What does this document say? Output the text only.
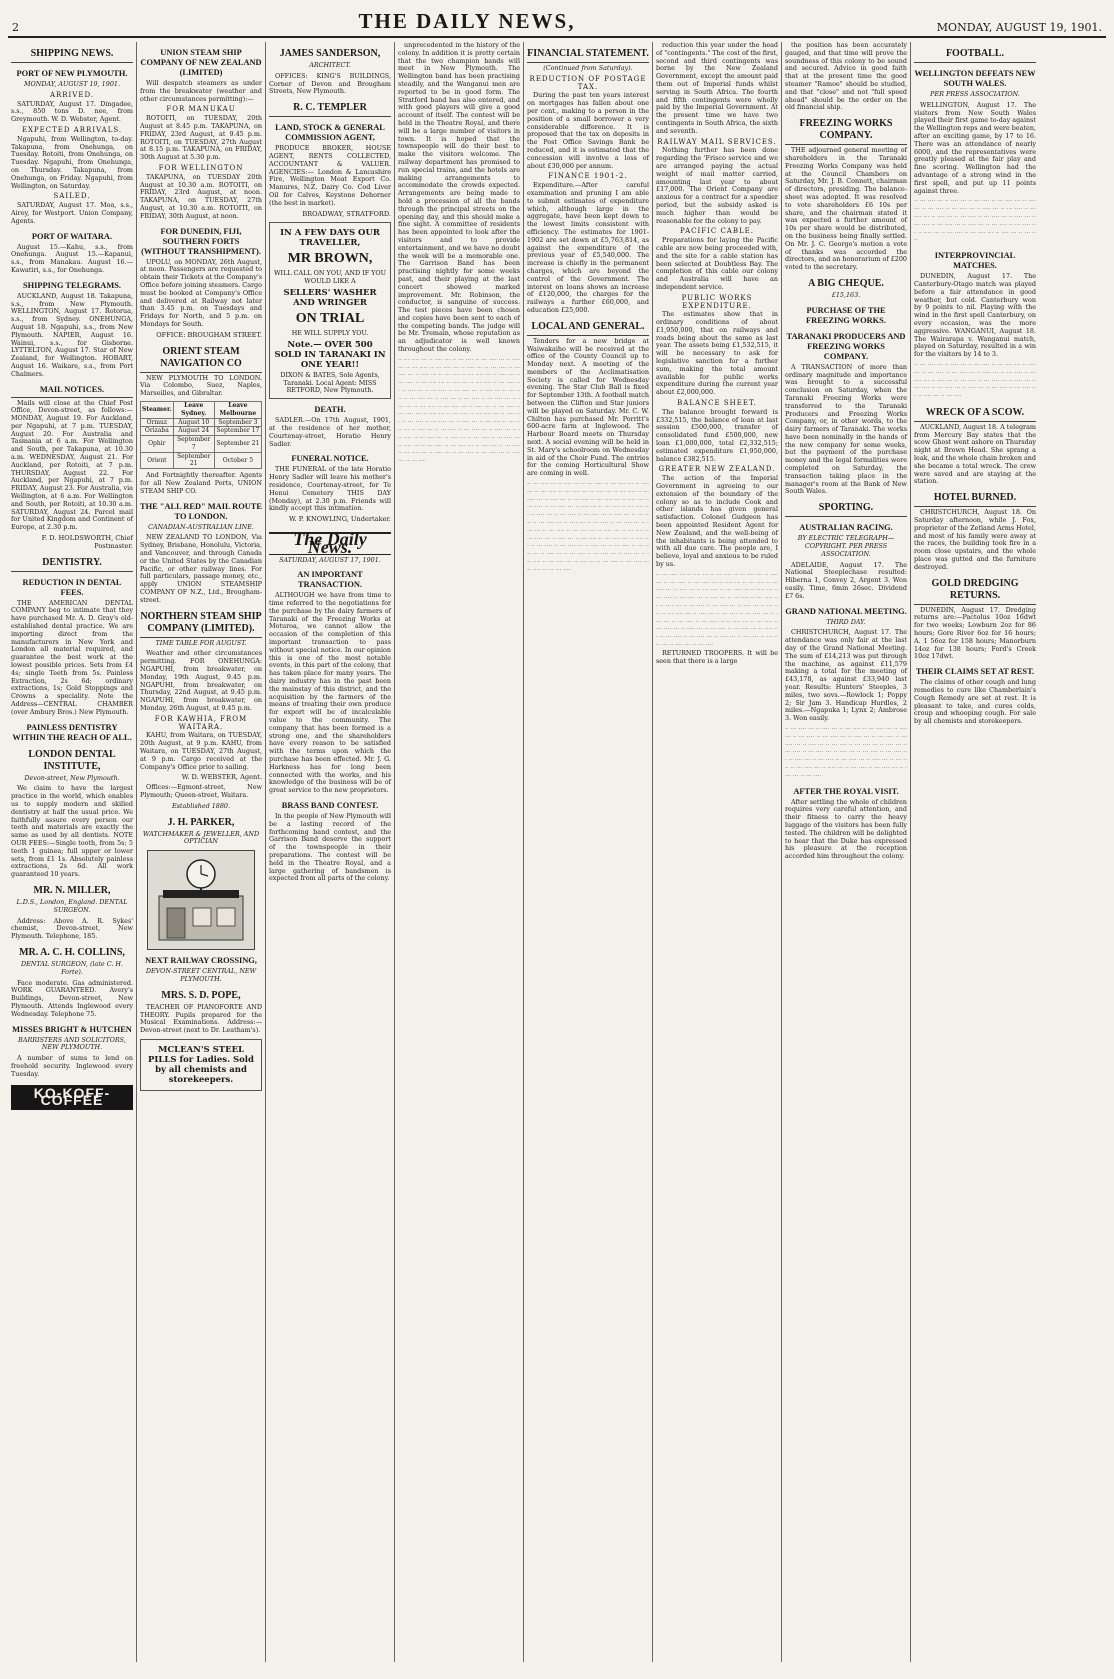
2	THE DAILY NEWS,	MONDAY, AUGUST 19, 1901.
SHIPPING NEWS.
PORT OF NEW PLYMOUTH.
MONDAY, AUGUST 19, 1901.
ARRIVED.

SATURDAY, August 17. Dingadee, s.s., 850 tons D. nee, from Greymouth. W. D. Webster, Agent.

EXPECTED ARRIVALS.

Ngapuhi, from Wellington, to-day. Takapuna, from Onehunga, on Tuesday. Rotoiti, from Onehunga, on Tuesday. Ngapuhi, from Onehunga, on Thursday. Takapuna, from Onehunga, on Friday. Ngapuhi, from Wellington, on Saturday.

SAILED.

SATURDAY, August 17. Moa, s.s., Airey, for Westport. Union Company, Agents.

PORT OF WAITARA.

August 15.—Kahu, s.s., from Onehunga. August 15.—Kapanui, s.s., from Manakau. August 16.—Kawatiri, s.s., for Onehunga.

SHIPPING TELEGRAMS.

AUCKLAND, August 18. Takapuna, s.s., from New Plymouth. WELLINGTON, August 17. Rotorua, s.s., from Sydney. ONEHUNGA, August 18. Ngapuhi, s.s., from New Plymouth. NAPIER, August 16. Wainui, s.s., for Gisborne. LYTTELTON, August 17. Star of New Zealand, for Wellington. HOBART, August 16. Waikare, s.s., from Port Chalmers.

MAIL NOTICES.

Mails will close at the Chief Post Office, Devon-street, as follows:— MONDAY, August 19. For Auckland, per Ngapuhi, at 7 p.m. TUESDAY, August 20. For Australia and Tasmania at 6 a.m. For Wellington and South, per Takapuna, at 10.30 a.m. WEDNESDAY, August 21. For Auckland, per Rotoiti, at 7 p.m. THURSDAY, August 22. For Auckland, per Ngapuhi, at 7 p.m. FRIDAY, August 23. For Australia, via Wellington, at 6 a.m. For Wellington and South, per Rotoiti, at 10.30 a.m. SATURDAY, August 24. Parcel mail for United Kingdom and Continent of Europe, at 2.30 p.m.

F. D. HOLDSWORTH, Chief Postmaster.
DENTISTRY.
REDUCTION IN DENTAL FEES.

THE AMERICAN DENTAL COMPANY beg to intimate that they have purchased Mr. A. D. Gray's old-established dental practice. We are importing direct from the manufacturers in New York and London all material required, and guarantee the best work at the lowest possible prices. Sets from £4 4s; single Teeth from 5s. Painless Extraction, 2s 6d; ordinary extractions, 1s; Gold Stoppings and Crowns a speciality. Note the Address—CENTRAL CHAMBER (over Ambury Bros.) New Plymouth.

PAINLESS DENTISTRY WITHIN THE REACH OF ALL.
LONDON DENTAL INSTITUTE,
Devon-street, New Plymouth.

We claim to have the largest practice in the world, which enables us to supply modern and skilled dentistry at half the usual price. We faithfully assure every person our teeth and materials are exactly the same as used by all dentists. NOTE OUR FEES:—Single tooth, from 5s; 5 teeth 1 guinea; full upper or lower sets, from £1 1s. Absolutely painless extractions, 2s 6d. All work guaranteed 10 years.

MR. N. MILLER,
L.D.S., London, England. DENTAL SURGEON.

Address: Above A. R. Sykes' chemist, Devon-street, New Plymouth. Telephone, 185.

MR. A. C. H. COLLINS,
DENTAL SURGEON, (late C. H. Forte).

Face moderate. Gas administered. WORK GUARANTEED. Avery's Buildings, Devon-street, New Plymouth. Attends Inglewood every Wednesday. Telephone 75.

MISSES BRIGHT & HUTCHEN
BARRISTERS AND SOLICITORS, NEW PLYMOUTH.

A number of sums to lend on freehold security. Inglewood every Tuesday.

KO-KOFF-COFFEE
UNION STEAM SHIP COMPANY OF NEW ZEALAND (LIMITED)

Will despatch steamers as under from the breakwater (weather and other circumstances permitting):—

FOR MANUKAU

ROTOITI, on TUESDAY, 20th August at 8.45 p.m. TAKAPUNA, on FRIDAY, 23rd August, at 9.45 p.m. ROTOITI, on TUESDAY, 27th August at 8.15 p.m. TAKAPUNA, on FRIDAY, 30th August at 5.30 p.m.

FOR WELLINGTON

TAKAPUNA, on TUESDAY 20th August at 10.30 a.m. ROTOITI, on FRIDAY, 23rd August, at noon. TAKAPUNA, on TUESDAY, 27th August, at 10.30 a.m. ROTOITI, on FRIDAY, 30th August, at noon.

FOR DUNEDIN, FIJI, SOUTHERN FORTS (WITHOUT TRANSHIPMENT).

UPOLU, on MONDAY, 26th August, at noon. Passengers are requested to obtain their Tickets at the Company's Office before joining steamers. Cargo must be booked at Company's Office and delivered at Railway not later than 3.45 p.m. on Tuesdays and Fridays for North, and 5 p.m. on Mondays for South.

OFFICE: BROUGHAM STREET.
ORIENT STEAM NAVIGATION CO

NEW PLYMOUTH TO LONDON. Via Colombo, Suez, Naples, Marseilles, and Gibraltar.

Steamer.	Leave Sydney.	Leave Melbourne
Ormuz	August 10	September 3
Orizaba	August 24	September 17
Ophir	September 7	September 21
Orient	September 21	October 5

And Fortnightly thereafter. Agents for all New Zealand Ports, UNION STEAM SHIP CO.

THE "ALL RED" MAIL ROUTE TO LONDON.
CANADIAN-AUSTRALIAN LINE.

NEW ZEALAND TO LONDON, Via Sydney, Brisbane, Honolulu, Victoria, and Vancouver, and through Canada or the United States by the Canadian Pacific, or other railway lines. For full particulars, passage money, etc., apply UNION STEAMSHIP COMPANY OF N.Z., Ltd., Brougham-street.

NORTHERN STEAM SHIP COMPANY (LIMITED).
TIME TABLE FOR AUGUST.

Weather and other circumstances permitting. FOR ONEHUNGA: NGAPUHI, from breakwater, on Monday, 19th August, 9.45 p.m. NGAPUHI, from breakwater, on Thursday, 22nd August, at 9.45 p.m. NGAPUHI, from breakwater, on Monday, 26th August, at 9.45 p.m.

FOR KAWHIA, FROM WAITARA.

KAHU, from Waitara, on TUESDAY, 20th August, at 9 p.m. KAHU, from Waitara, on TUESDAY, 27th August, at 9 p.m. Cargo received at the Company's Office prior to sailing.

W. D. WEBSTER, Agent.

Offices:—Egmont-street, New Plymouth; Queen-street, Waitara.

Established 1880.
J. H. PARKER,
WATCHMAKER & JEWELLER, AND OPTICIAN
NEXT RAILWAY CROSSING,
DEVON-STREET CENTRAL, NEW PLYMOUTH.
MRS. S. D. POPE,

TEACHER OF PIANOFORTE AND THEORY. Pupils prepared for the Musical Examinations. Address:— Devon-street (next to Dr. Leatham's).

MCLEAN'S STEEL PILLS for Ladies. Sold by all chemists and storekeepers.
JAMES SANDERSON,
ARCHITECT.

OFFICES: KING'S BUILDINGS, Corner of Devon and Brougham Streets, New Plymouth.

R. C. TEMPLER
LAND, STOCK & GENERAL COMMISSION AGENT,

PRODUCE BROKER, HOUSE AGENT, RENTS COLLECTED, ACCOUNTANT & VALUER. AGENCIES:— London & Lancashire Fire, Wellington Meat Export Co. Manures, N.Z. Dairy Co. Cod Liver Oil for Calves, Keystone Dehorner (the best in market).

BROADWAY, STRATFORD.
IN A FEW DAYS OUR TRAVELLER,
MR BROWN,
WILL CALL ON YOU, AND IF YOU WOULD LIKE A
SELLERS' WASHER AND WRINGER
ON TRIAL
HE WILL SUPPLY YOU.
Note.— OVER 500 SOLD IN TARANAKI IN ONE YEAR!!
DIXON & BATES, Sole Agents, Taranaki. Local Agent: MISS RETFORD, New Plymouth.
DEATH.

SADLER.—On 17th August, 1901, at the residence of her mother, Courtenay-street, Horatio Henry Sadler.

FUNERAL NOTICE.

THE FUNERAL of the late Horatio Henry Sadler will leave his mother's residence, Courtenay-street, for Te Henui Cemetery THIS DAY (Monday), at 2.30 p.m. Friends will kindly accept this intimation.

W. P. KNOWLING, Undertaker.
The Daily News.
SATURDAY, AUGUST 17, 1901.
AN IMPORTANT TRANSACTION.

ALTHOUGH we have from time to time referred to the negotiations for the purchase by the dairy farmers of Taranaki of the Freezing Works at Moturoa, we cannot allow the occasion of the completion of this important transaction to pass without special notice. In our opinion this is one of the most notable events, in this part of the colony, that has taken place for many years. The dairy industry has in the past been the mainstay of this district, and the acquisition by the farmers of the means of treating their own produce for export will be of incalculable value to the community. The company that has been formed is a strong one, and the shareholders have every reason to be satisfied with the terms upon which the purchase has been effected. Mr. J. G. Harkness has for long been connected with the works, and his knowledge of the business will be of great service to the new proprietors.

BRASS BAND CONTEST.

In the people of New Plymouth will be a lasting record of the forthcoming band contest, and the Garrison Band deserve the support of the townspeople in their preparations. The contest will be held in the Theatre Royal, and a large gathering of bandsmen is expected from all parts of the colony.

unprecedented in the history of the colony. In addition it is pretty certain that the two champion bands will meet in New Plymouth. The Wellington band has been practising steadily, and the Wanganui men are reported to be in good form. The Stratford band has also entered, and with good players will give a good account of itself. The contest will be held in the Theatre Royal, and there will be a large number of visitors in town. It is hoped that the townspeople will do their best to make the visitors welcome. The railway department has promised to run special trains, and the hotels are making arrangements to accommodate the crowds expected. Arrangements are being made to hold a procession of all the bands through the principal streets on the opening day, and this should make a fine sight. A committee of residents has been appointed to look after the visitors and to provide entertainment, and we have no doubt the week will be a memorable one. The Garrison Band has been practising nightly for some weeks past, and their playing at the last concert showed marked improvement. Mr. Robinson, the conductor, is sanguine of success. The test pieces have been chosen and copies have been sent to each of the competing bands. The judge will be Mr. Tremain, whose reputation as an adjudicator is well known throughout the colony.

·· ··· ···· ··· ·· ···· ··· ·· ··· ···· ·· ··· ···· ··· ·· ···· ··· ·· ··· ···· ·· ··· ···· ··· ·· ···· ··· ·· ··· ···· ·· ··· ···· ··· ·· ···· ··· ·· ··· ···· ·· ··· ···· ··· ·· ···· ··· ·· ··· ···· ·· ··· ···· ··· ·· ···· ··· ·· ··· ···· ·· ··· ···· ··· ·· ···· ··· ·· ··· ···· ·· ··· ···· ··· ·· ···· ··· ·· ··· ···· ·· ··· ···· ··· ·· ···· ··· ·· ··· ···· ·· ··· ···· ··· ·· ···· ··· ·· ··· ···· ·· ··· ···· ··· ·· ···· ··· ·· ··· ···· ·· ··· ···· ··· ·· ···· ··· ·· ··· ···· ·· ··· ···· ··· ·· ···· ··· ·· ··· ···· ·· ··· ···· ··· ·· ···· ··· ·· ··· ···· ·· ··· ···· ··· ·· ···· ··· ·· ··· ···· ·· ··· ···· ··· ·· ···· ··· ·· ··· ···· ·· ··· ···· ··· ·· ···· ··· ·· ··· ···· ·· ··· ···· ··· ·· ···· ··· ·· ··· ···· ·· ··· ···· ··· ·· ···· ··· ·· ··· ···· ·· ··· ···· ··· ·· ···· ··· ·· ··· ···· ·· ··· ···· ··· ·· ···· ··· ·· ··· ····
FINANCIAL STATEMENT.
(Continued from Saturday).
REDUCTION OF POSTAGE TAX.

During the past ten years interest on mortgages has fallen about one per cent., making to a person in the position of a small borrower a very considerable difference. It is proposed that the tax on deposits in the Post Office Savings Bank be reduced, and it is estimated that the concession will involve a loss of about £30,000 per annum.

FINANCE 1901-2.

Expenditure.—After careful examination and pruning I am able to submit estimates of expenditure which, although large in the aggregate, have been kept down to the lowest limits consistent with efficiency. The estimates for 1901-1902 are set down at £5,763,814, as against the expenditure of the previous year of £5,540,000. The increase is chiefly in the permanent charges, which are beyond the control of the Government. The interest on loans shows an increase of £120,000, the charges for the railways a further £60,000, and education £25,000.

LOCAL AND GENERAL.

Tenders for a new bridge at Waiwakaiho will be received at the office of the County Council up to Monday next. A meeting of the members of the Acclimatisation Society is called for Wednesday evening. The Star Club Ball is fixed for September 13th. A football match between the Clifton and Star juniors will be played on Saturday. Mr. C. W. Chilton has purchased Mr. Porritt's 600-acre farm at Inglewood. The Harbour Board meets on Thursday next. A social evening will be held in St. Mary's schoolroom on Wednesday in aid of the Choir Fund. The entries for the coming Horticultural Show are coming in well.

·· ··· ···· ··· ·· ···· ··· ·· ··· ···· ·· ··· ···· ··· ·· ···· ··· ·· ··· ···· ·· ··· ···· ··· ·· ···· ··· ·· ··· ···· ·· ··· ···· ··· ·· ···· ··· ·· ··· ···· ·· ··· ···· ··· ·· ···· ··· ·· ··· ···· ·· ··· ···· ··· ·· ···· ··· ·· ··· ···· ·· ··· ···· ··· ·· ···· ··· ·· ··· ···· ·· ··· ···· ··· ·· ···· ··· ·· ··· ···· ·· ··· ···· ··· ·· ···· ··· ·· ··· ···· ·· ··· ···· ··· ·· ···· ··· ·· ··· ···· ·· ··· ···· ··· ·· ···· ··· ·· ··· ···· ·· ··· ···· ··· ·· ···· ··· ·· ··· ···· ·· ··· ···· ··· ·· ···· ··· ·· ··· ···· ·· ··· ···· ··· ·· ···· ··· ·· ··· ···· ·· ··· ···· ··· ·· ···· ··· ·· ··· ···· ·· ··· ···· ··· ·· ···· ··· ·· ··· ···· ·· ··· ···· ··· ·· ···· ··· ·· ··· ···· ·· ··· ···· ··· ·· ···· ··· ·· ··· ····

reduction this year under the head of "contingents." The cost of the first, second and third contingents was borne by the New Zealand Government, except the amount paid them out of Imperial funds whilst serving in South Africa. The fourth and fifth contingents were wholly paid by the Imperial Government. At the present time we have two contingents in South Africa, the sixth and seventh.

RAILWAY MAIL SERVICES.

Nothing further has been done regarding the 'Frisco service and we are arranged paying the actual weight of mail matter carried, amounting last year to about £17,000. The Orient Company are anxious for a contract for a speedier period, but the subsidy asked is much higher than would be reasonable for the colony to pay.

PACIFIC CABLE.

Preparations for laying the Pacific cable are now being proceeded with, and the site for a cable station has been selected at Doubtless Bay. The completion of this cable our colony and Australia will have an independent service.

PUBLIC WORKS EXPENDITURE.

The estimates show that in ordinary conditions of about £1,950,000, that on railways and roads being about the same as last year. The assets being £1,532,515, it will be necessary to ask for legislative sanction for a further sum, making the total amount available for public works expenditure during the current year about £2,000,000.

BALANCE SHEET.

The balance brought forward is £332,515, the balance of loan at last session £500,000, transfer of consolidated fund £500,000, new loan £1,000,000, total £2,332,515; estimated expenditure £1,950,000, balance £382,515.

GREATER NEW ZEALAND.

The action of the Imperial Government in agreeing to our extension of the boundary of the colony so as to include Cook and other islands has given general satisfaction. Colonel Gudgeon has been appointed Resident Agent for New Zealand, and the well-being of the inhabitants is being attended to with all due care. The people are, I believe, loyal and anxious to be ruled by us.

·· ··· ···· ··· ·· ···· ··· ·· ··· ···· ·· ··· ···· ··· ·· ···· ··· ·· ··· ···· ·· ··· ···· ··· ·· ···· ··· ·· ··· ···· ·· ··· ···· ··· ·· ···· ··· ·· ··· ···· ·· ··· ···· ··· ·· ···· ··· ·· ··· ···· ·· ··· ···· ··· ·· ···· ··· ·· ··· ···· ·· ··· ···· ··· ·· ···· ··· ·· ··· ···· ·· ··· ···· ··· ·· ···· ··· ·· ··· ···· ·· ··· ···· ··· ·· ···· ··· ·· ··· ···· ·· ··· ···· ··· ·· ···· ··· ·· ··· ···· ·· ··· ···· ··· ·· ···· ··· ·· ··· ···· ·· ··· ···· ··· ·· ···· ··· ·· ··· ···· ·· ··· ···· ··· ·· ···· ··· ·· ··· ···· ·· ··· ···· ··· ·· ···· ··· ·· ··· ···· ·· ··· ···· ··· ·· ···· ··· ·· ··· ····

RETURNED TROOPERS. It will be seen that there is a large

the position has been accurately gauged, and that time will prove the soundness of this colony to be sound and secured. Advice in good faith that at the present time the good steamer "Ramoe" should be studied, and that "close" and not "full speed ahead" should be the order on the old financial ship.

FREEZING WORKS COMPANY.

THE adjourned general meeting of shareholders in the Taranaki Freezing Works Company was held at the Council Chambers on Saturday, Mr. J. B. Connett, chairman of directors, presiding. The balance-sheet was adopted. It was resolved to vote shareholders £6 10s per share, and the chairman stated it was expected a further amount of 10s per share would be distributed, on the business being finally settled. On Mr. J. C. George's motion a vote of thanks was accorded the directors, and an honorarium of £200 voted to the secretary.

A BIG CHEQUE.
£15,163.
PURCHASE OF THE FREEZING WORKS.
TARANAKI PRODUCERS AND FREEZING WORKS COMPANY.

A TRANSACTION of more than ordinary magnitude and importance was brought to a successful conclusion on Saturday, when the Taranaki Freezing Works were transferred to the Taranaki Producers and Freezing Works Company, or, in other words, to the dairy farmers of Taranaki. The works have been nominally in the hands of the new company for some weeks, but the payment of the purchase money and the legal formalities were completed on Saturday, the transaction taking place in the manager's room at the Bank of New South Wales.

SPORTING.
AUSTRALIAN RACING.
BY ELECTRIC TELEGRAPH—COPYRIGHT. PER PRESS ASSOCIATION.

ADELAIDE, August 17. The National Steeplechase resulted: Hiberna 1, Convey 2, Argent 3. Won easily. Time, 6min 26sec. Dividend £7 6s.

GRAND NATIONAL MEETING.
THIRD DAY.

CHRISTCHURCH, August 17. The attendance was only fair at the last day of the Grand National Meeting. The sum of £14,213 was put through the machine, as against £11,579 making a total for the meeting of £43,178, as against £33,940 last year. Results: Hunters' Steeples, 3 miles, two sovs.—Rowlock 1; Poppy 2; Sir Jam 3. Handicap Hurdles, 2 miles.—Ngapuka 1; Lynx 2; Ambrose 3. Won easily.

·· ··· ···· ··· ·· ···· ··· ·· ··· ···· ·· ··· ···· ··· ·· ···· ··· ·· ··· ···· ·· ··· ···· ··· ·· ···· ··· ·· ··· ···· ·· ··· ···· ··· ·· ···· ··· ·· ··· ···· ·· ··· ···· ··· ·· ···· ··· ·· ··· ···· ·· ··· ···· ··· ·· ···· ··· ·· ··· ···· ·· ··· ···· ··· ·· ···· ··· ·· ··· ···· ·· ··· ···· ··· ·· ···· ··· ·· ··· ···· ·· ··· ···· ··· ·· ···· ··· ·· ··· ···· ·· ··· ···· ··· ·· ···· ··· ·· ··· ····
AFTER THE ROYAL VISIT.

After settling the whole of children requires very careful attention, and their fitness to carry the heavy luggage of the visitors has been fully tested. The children will be delighted to hear that the Duke has expressed his pleasure at the reception accorded him throughout the colony.

FOOTBALL.
WELLINGTON DEFEATS NEW SOUTH WALES.
PER PRESS ASSOCIATION.

WELLINGTON, August 17. The visitors from New South Wales played their first game to-day against the Wellington reps and were beaten, after an exciting game, by 17 to 16. There was an attendance of nearly 6000, and the representatives were greatly pleased at the fair play and fine scoring. Wellington had the advantage of a strong wind in the first spell, and put up 11 points against three.

·· ··· ···· ··· ·· ···· ··· ·· ··· ···· ·· ··· ···· ··· ·· ···· ··· ·· ··· ···· ·· ··· ···· ··· ·· ···· ··· ·· ··· ···· ·· ··· ···· ··· ·· ···· ··· ·· ··· ···· ·· ··· ···· ··· ·· ···· ··· ·· ··· ···· ·· ··· ···· ··· ·· ···· ··· ·· ··· ···· ·· ··· ···· ··· ·· ···· ··· ·· ··· ···· ·· ··· ···· ··· ·· ···· ··· ·· ··· ····
INTERPROVINCIAL MATCHES.

DUNEDIN, August 17. The Canterbury-Otago match was played before a fair attendance in good weather, but cold. Canterbury won by 9 points to nil. Playing with the wind in the first spell Canterbury, on every occasion, was the more aggressive. WANGANUI, August 18. The Wairarapa v. Wanganui match, played on Saturday, resulted in a win for the visitors by 14 to 3.

·· ··· ···· ··· ·· ···· ··· ·· ··· ···· ·· ··· ···· ··· ·· ···· ··· ·· ··· ···· ·· ··· ···· ··· ·· ···· ··· ·· ··· ···· ·· ··· ···· ··· ·· ···· ··· ·· ··· ···· ·· ··· ···· ··· ·· ···· ··· ·· ··· ···· ·· ··· ···· ··· ·· ···· ··· ·· ··· ···· ·· ··· ···· ··· ·· ···· ··· ·· ··· ····
WRECK OF A SCOW.

AUCKLAND, August 18. A telegram from Mercury Bay states that the scow Ghost went ashore on Thursday night at Brown Head. She sprang a leak, and the whole chain broken and she became a total wreck. The crew were saved and are staying at the station.

HOTEL BURNED.

CHRISTCHURCH, August 18. On Saturday afternoon, while J. Fox, proprietor of the Zetland Arms Hotel, and most of his family were away at the races, the building took fire in a room close upstairs, and the whole place was gutted and the furniture destroyed.

GOLD DREDGING RETURNS.

DUNEDIN, August 17. Dredging returns are:—Pactolus 10oz 16dwt for two weeks; Lowburn 2oz for 86 hours; Gore River 6oz for 16 hours; A. 1 56oz for 158 hours; Manorburn 14oz for 138 hours; Ford's Creek 10oz 17dwt.

THEIR CLAIMS SET AT REST.

The claims of other cough and lung remedies to cure like Chamberlain's Cough Remedy are set at rest. It is pleasant to take, and cures colds, croup and whooping cough. For sale by all chemists and storekeepers.
